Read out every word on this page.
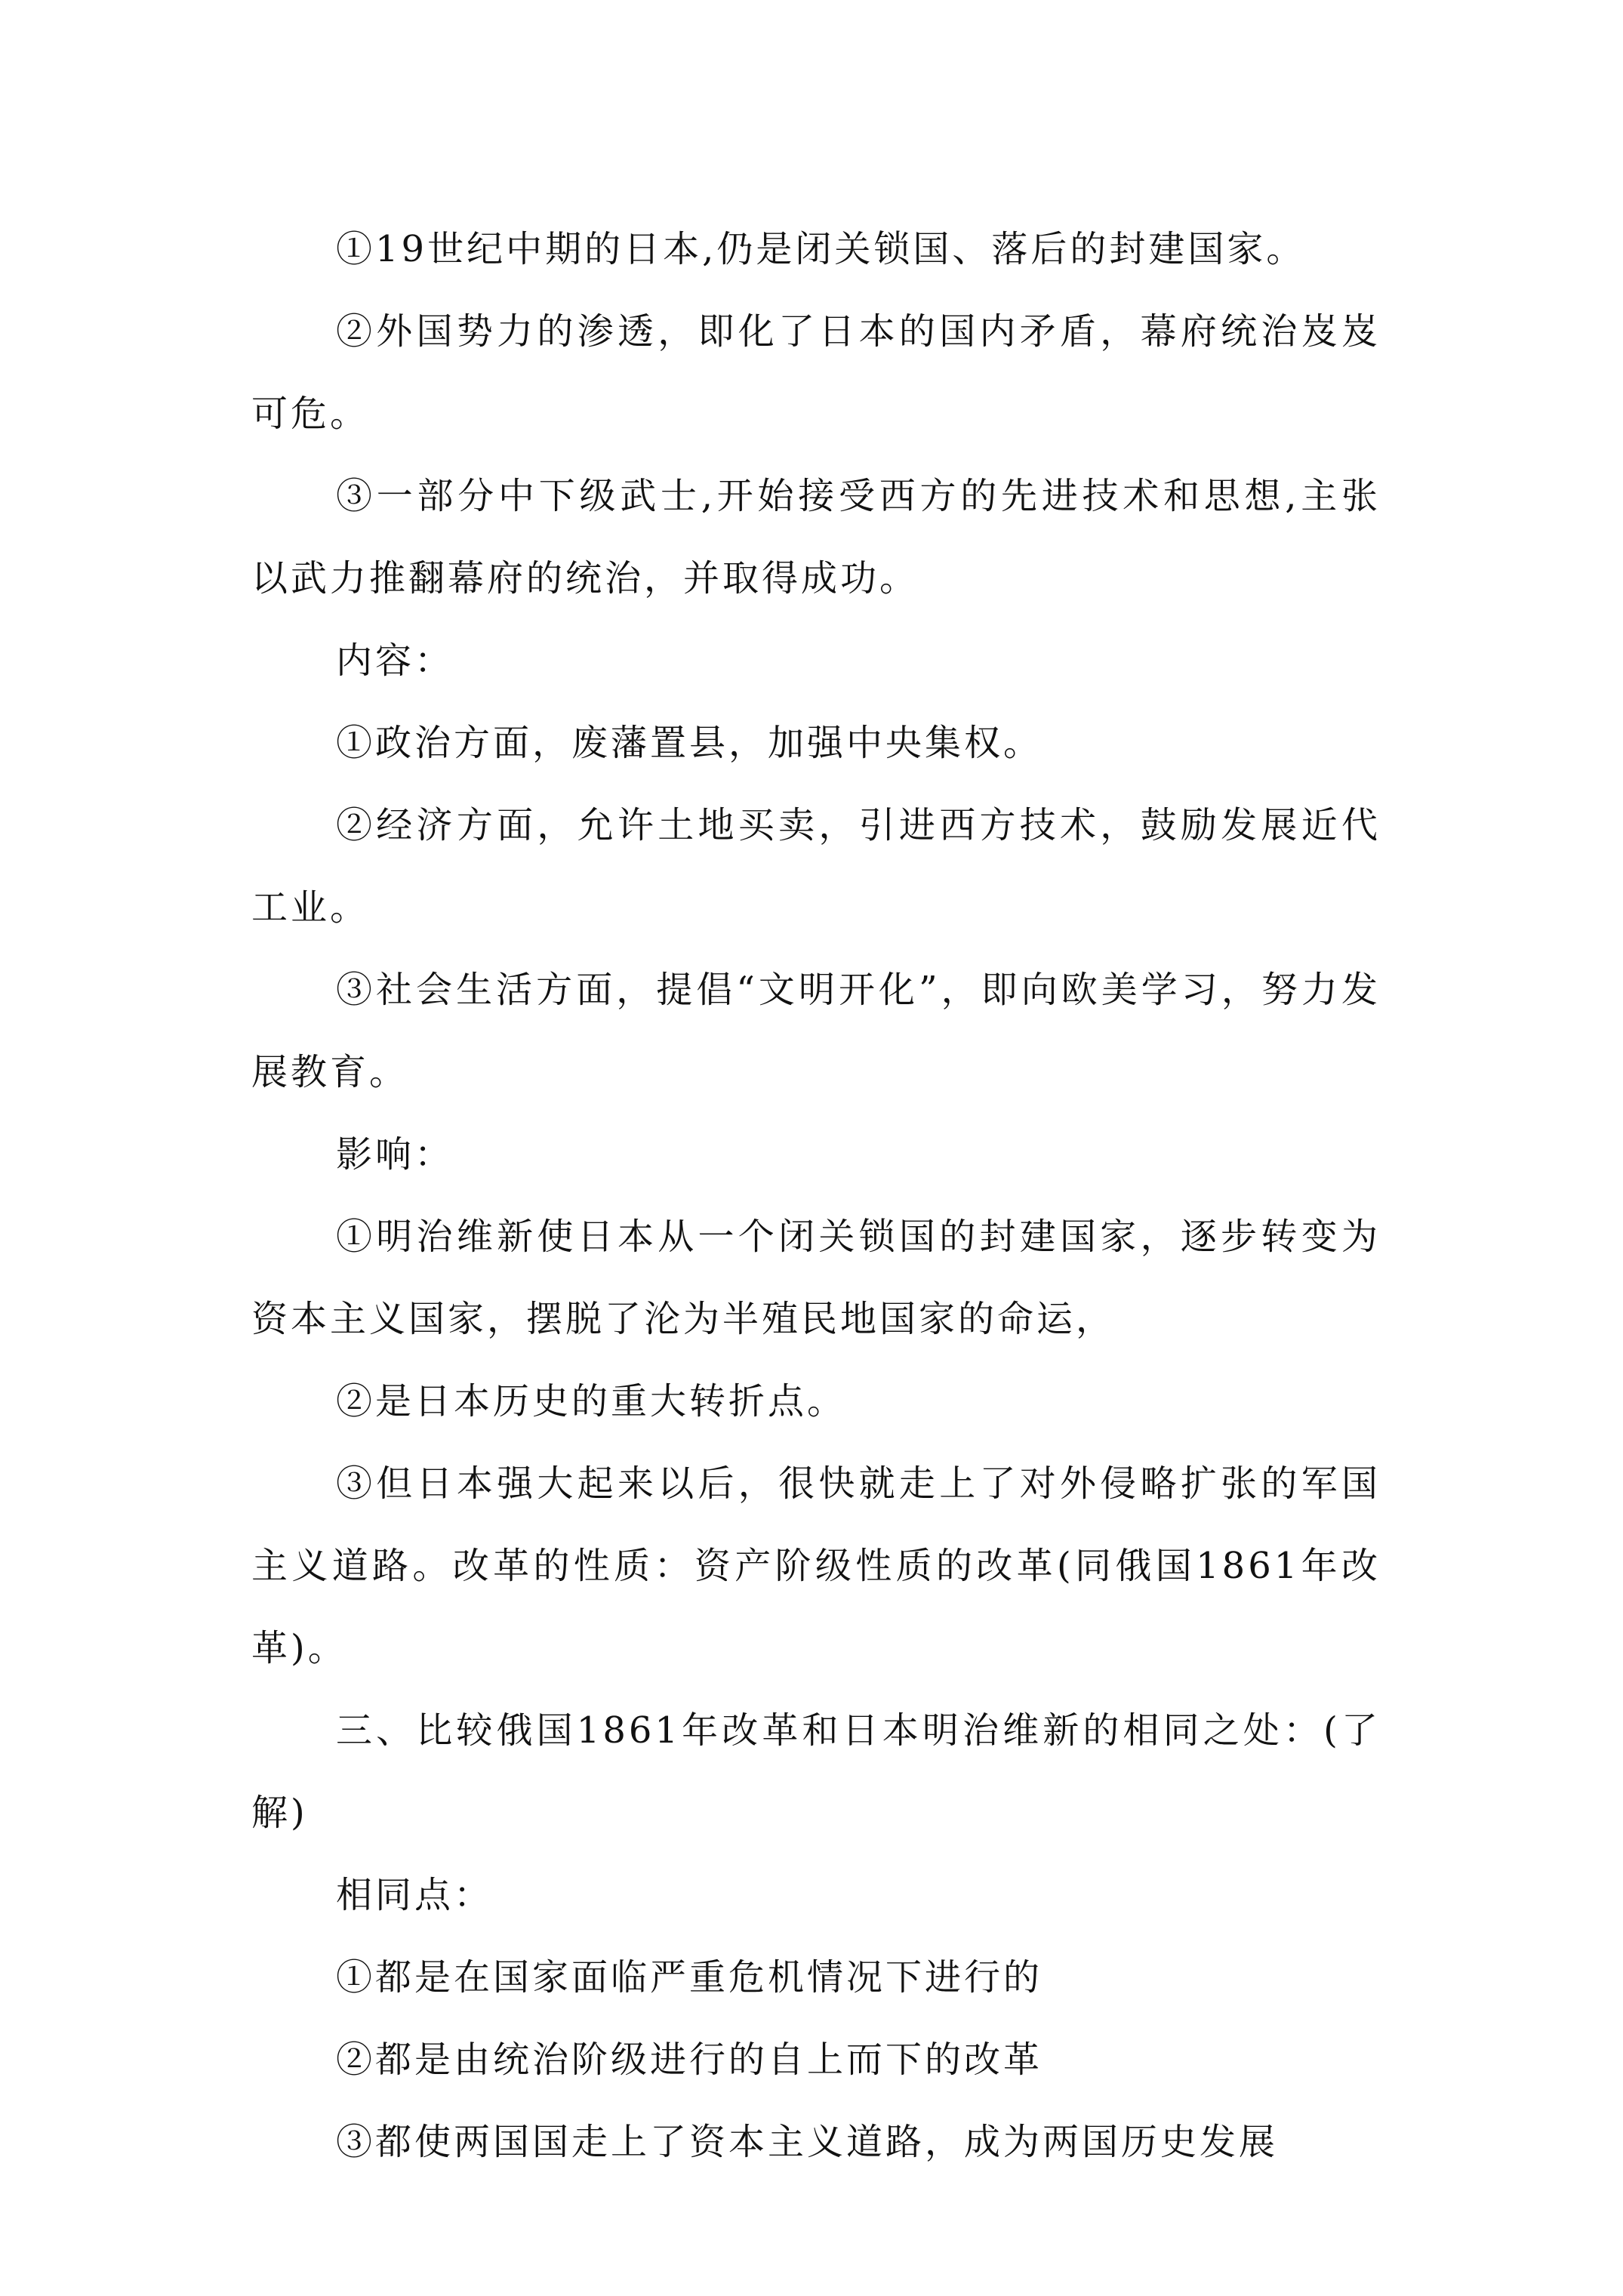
①19世纪中期的日本,仍是闭关锁国、落后的封建国家。

②外国势力的渗透，即化了日本的国内矛盾，幕府统治岌岌可危。

③一部分中下级武士,开始接受西方的先进技术和思想,主张以武力推翻幕府的统治，并取得成功。

内容：

①政治方面，废藩置县，加强中央集权。

②经济方面，允许土地买卖，引进西方技术，鼓励发展近代工业。

③社会生活方面，提倡“文明开化”，即向欧美学习，努力发展教育。

影响：

①明治维新使日本从一个闭关锁国的封建国家，逐步转变为资本主义国家，摆脱了沦为半殖民地国家的命运，

②是日本历史的重大转折点。

③但日本强大起来以后，很快就走上了对外侵略扩张的军国主义道路。改革的性质：资产阶级性质的改革(同俄国1861年改革)。

三、比较俄国1861年改革和日本明治维新的相同之处：(了解)

相同点：

①都是在国家面临严重危机情况下进行的

②都是由统治阶级进行的自上而下的改革

③都使两国国走上了资本主义道路，成为两国历史发展
